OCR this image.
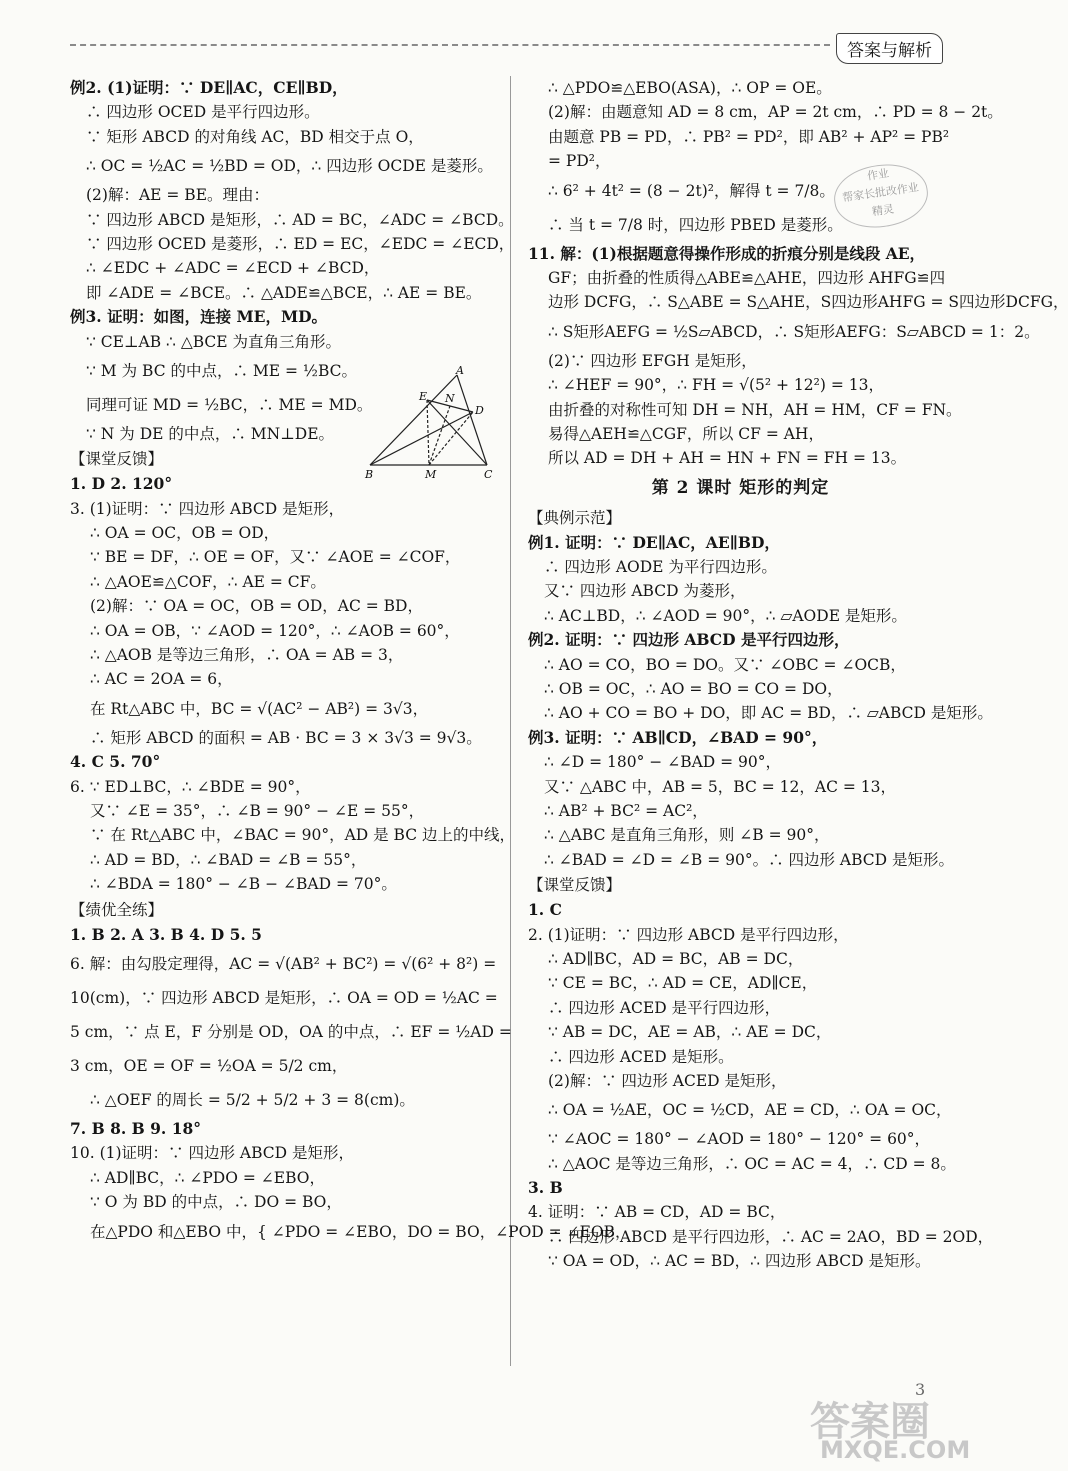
答案与解析
例2. (1)证明：∵ DE∥AC，CE∥BD，
∴ 四边形 OCED 是平行四边形。
∵ 矩形 ABCD 的对角线 AC，BD 相交于点 O，
∴ OC = ½AC = ½BD = OD，∴ 四边形 OCDE 是菱形。
(2)解：AE = BE。理由：
∵ 四边形 ABCD 是矩形，∴ AD = BC，∠ADC = ∠BCD。
∵ 四边形 OCED 是菱形，∴ ED = EC，∠EDC = ∠ECD，
∴ ∠EDC + ∠ADC = ∠ECD + ∠BCD，
即 ∠ADE = ∠BCE。∴ △ADE≌△BCE，∴ AE = BE。
例3. 证明：如图，连接 ME，MD。
∵ CE⊥AB ∴ △BCE 为直角三角形。
∵ M 为 BC 的中点，∴ ME = ½BC。
同理可证 MD = ½BC，∴ ME = MD。
∵ N 为 DE 的中点，∴ MN⊥DE。
【课堂反馈】
1. D 2. 120°
3. (1)证明：∵ 四边形 ABCD 是矩形，
∴ OA = OC，OB = OD，
∵ BE = DF，∴ OE = OF，又∵ ∠AOE = ∠COF，
∴ △AOE≌△COF，∴ AE = CF。
(2)解：∵ OA = OC，OB = OD，AC = BD，
∴ OA = OB，∵ ∠AOD = 120°，∴ ∠AOB = 60°，
∴ △AOB 是等边三角形，∴ OA = AB = 3，
∴ AC = 2OA = 6，
在 Rt△ABC 中，BC = √(AC² − AB²) = 3√3，
∴ 矩形 ABCD 的面积 = AB · BC = 3 × 3√3 = 9√3。
4. C 5. 70°
6. ∵ ED⊥BC，∴ ∠BDE = 90°，
又∵ ∠E = 35°，∴ ∠B = 90° − ∠E = 55°，
∵ 在 Rt△ABC 中，∠BAC = 90°，AD 是 BC 边上的中线，
∴ AD = BD，∴ ∠BAD = ∠B = 55°，
∴ ∠BDA = 180° − ∠B − ∠BAD = 70°。
【绩优全练】
1. B 2. A 3. B 4. D 5. 5
6. 解：由勾股定理得，AC = √(AB² + BC²) = √(6² + 8²) =
10(cm)，∵ 四边形 ABCD 是矩形，∴ OA = OD = ½AC =
5 cm，∵ 点 E，F 分别是 OD，OA 的中点，∴ EF = ½AD =
3 cm，OE = OF = ½OA = 5/2 cm，
∴ △OEF 的周长 = 5/2 + 5/2 + 3 = 8(cm)。
7. B 8. B 9. 18°
10. (1)证明：∵ 四边形 ABCD 是矩形，
∴ AD∥BC，∴ ∠PDO = ∠EBO，
∵ O 为 BD 的中点，∴ DO = BO，
在△PDO 和△EBO 中，{ ∠PDO = ∠EBO，DO = BO，∠POD = ∠EOB，
∴ △PDO≌△EBO(ASA)，∴ OP = OE。
(2)解：由题意知 AD = 8 cm，AP = 2t cm，∴ PD = 8 − 2t。
由题意 PB = PD，∴ PB² = PD²，即 AB² + AP² = PB²
= PD²，
∴ 6² + 4t² = (8 − 2t)²，解得 t = 7/8。
∴ 当 t = 7/8 时，四边形 PBED 是菱形。
11. 解：(1)根据题意得操作形成的折痕分别是线段 AE，
GF；由折叠的性质得△ABE≌△AHE，四边形 AHFG≌四
边形 DCFG，∴ S△ABE = S△AHE，S四边形AHFG = S四边形DCFG，
∴ S矩形AEFG = ½S▱ABCD，∴ S矩形AEFG：S▱ABCD = 1：2。
(2)∵ 四边形 EFGH 是矩形，
∴ ∠HEF = 90°，∴ FH = √(5² + 12²) = 13，
由折叠的对称性可知 DH = NH，AH = HM，CF = FN。
易得△AEH≌△CGF，所以 CF = AH，
所以 AD = DH + AH = HN + FN = FH = 13。
第 2 课时 矩形的判定
【典例示范】
例1. 证明：∵ DE∥AC，AE∥BD，
∴ 四边形 AODE 为平行四边形。
又∵ 四边形 ABCD 为菱形，
∴ AC⊥BD，∴ ∠AOD = 90°，∴ ▱AODE 是矩形。
例2. 证明：∵ 四边形 ABCD 是平行四边形，
∴ AO = CO，BO = DO。又∵ ∠OBC = ∠OCB，
∴ OB = OC，∴ AO = BO = CO = DO，
∴ AO + CO = BO + DO，即 AC = BD，∴ ▱ABCD 是矩形。
例3. 证明：∵ AB∥CD，∠BAD = 90°，
∴ ∠D = 180° − ∠BAD = 90°，
又∵ △ABC 中，AB = 5，BC = 12，AC = 13，
∴ AB² + BC² = AC²，
∴ △ABC 是直角三角形，则 ∠B = 90°，
∴ ∠BAD = ∠D = ∠B = 90°。∴ 四边形 ABCD 是矩形。
【课堂反馈】
1. C
2. (1)证明：∵ 四边形 ABCD 是平行四边形，
∴ AD∥BC，AD = BC，AB = DC，
∵ CE = BC，∴ AD = CE，AD∥CE，
∴ 四边形 ACED 是平行四边形，
∵ AB = DC，AE = AB，∴ AE = DC，
∴ 四边形 ACED 是矩形。
(2)解：∵ 四边形 ACED 是矩形，
∴ OA = ½AE，OC = ½CD，AE = CD，∴ OA = OC，
∵ ∠AOC = 180° − ∠AOD = 180° − 120° = 60°，
∴ △AOC 是等边三角形，∴ OC = AC = 4，∴ CD = 8。
3. B
4. 证明：∵ AB = CD，AD = BC，
∴ 四边形 ABCD 是平行四边形，∴ AC = 2AO，BD = 2OD，
∵ OA = OD，∴ AC = BD，∴ 四边形 ABCD 是矩形。
A
B	C
D
E
M
N
作业
帮家长批改作业
精灵
3
答案圈
MXQE.COM
